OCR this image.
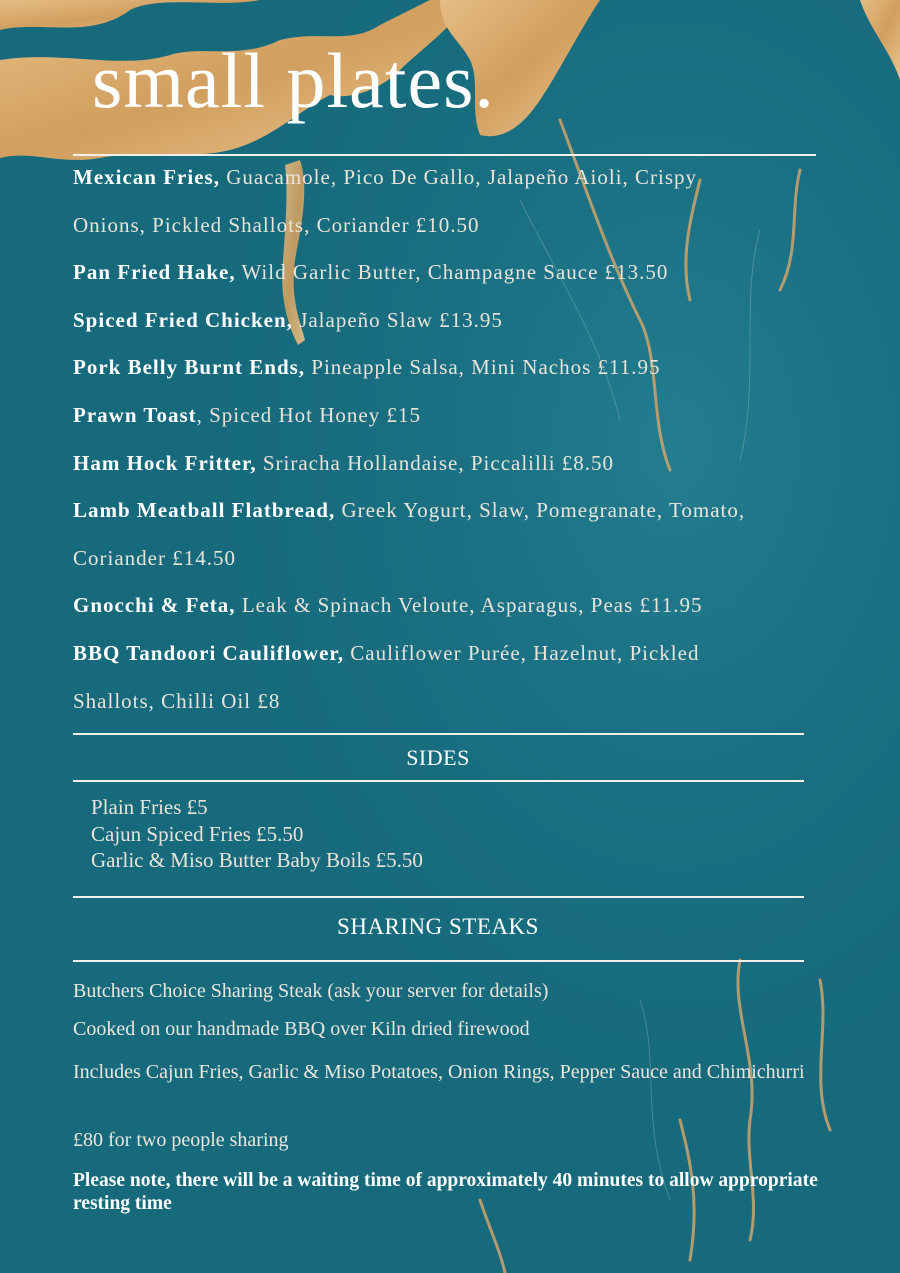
small plates.
Mexican Fries, Guacamole, Pico De Gallo, Jalapeño Aioli, Crispy
Onions, Pickled Shallots, Coriander £10.50
Pan Fried Hake, Wild Garlic Butter, Champagne Sauce £13.50
Spiced Fried Chicken, Jalapeño Slaw £13.95
Pork Belly Burnt Ends, Pineapple Salsa, Mini Nachos £11.95
Prawn Toast, Spiced Hot Honey £15
Ham Hock Fritter, Sriracha Hollandaise, Piccalilli £8.50
Lamb Meatball Flatbread, Greek Yogurt, Slaw, Pomegranate, Tomato,
Coriander £14.50
Gnocchi & Feta, Leak & Spinach Veloute, Asparagus, Peas £11.95
BBQ Tandoori Cauliflower, Cauliflower Purée, Hazelnut, Pickled
Shallots, Chilli Oil £8
SIDES
Plain Fries £5
Cajun Spiced Fries £5.50
Garlic & Miso Butter Baby Boils £5.50
SHARING STEAKS

Butchers Choice Sharing Steak (ask your server for details)

Cooked on our handmade BBQ over Kiln dried firewood

Includes Cajun Fries, Garlic & Miso Potatoes, Onion Rings, Pepper Sauce and Chimichurri

£80 for two people sharing

Please note, there will be a waiting time of approximately 40 minutes to allow appropriate resting time
